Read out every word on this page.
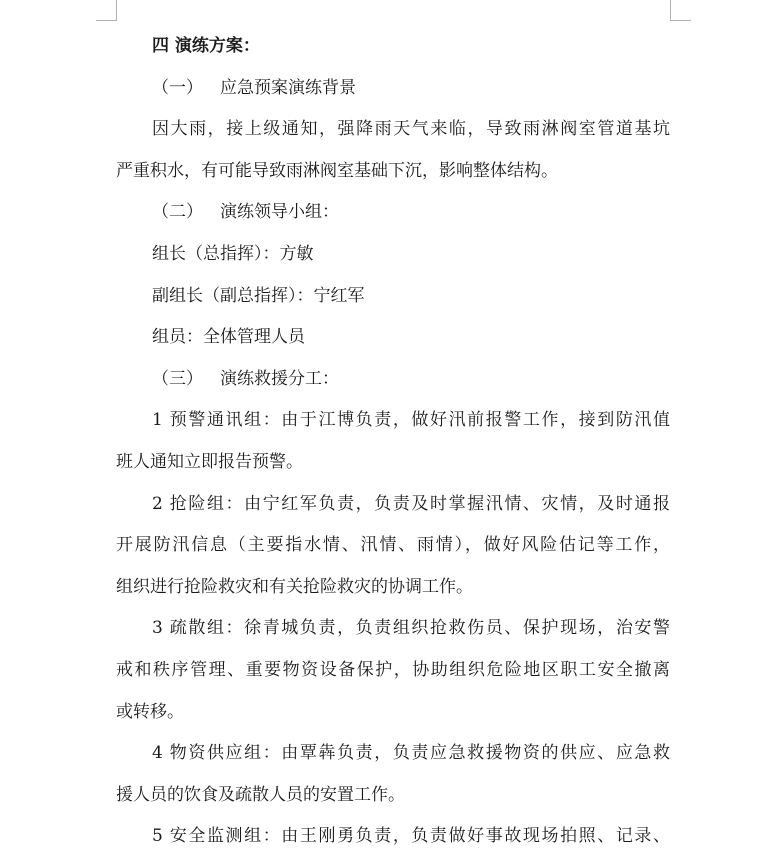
四 演练方案：
（一） 应急预案演练背景
因大雨，接上级通知，强降雨天气来临，导致雨淋阀室管道基坑
严重积水，有可能导致雨淋阀室基础下沉，影响整体结构。
（二） 演练领导小组：
组长（总指挥）：方敏
副组长（副总指挥）：宁红军
组员：全体管理人员
（三） 演练救援分工：
1 预警通讯组：由于江博负责，做好汛前报警工作，接到防汛值
班人通知立即报告预警。
2 抢险组：由宁红军负责，负责及时掌握汛情、灾情，及时通报
开展防汛信息（主要指水情、汛情、雨情），做好风险估记等工作，
组织进行抢险救灾和有关抢险救灾的协调工作。
3 疏散组：徐青城负责，负责组织抢救伤员、保护现场，治安警
戒和秩序管理、重要物资设备保护，协助组织危险地区职工安全撤离
或转移。
4 物资供应组：由覃犇负责，负责应急救援物资的供应、应急救
援人员的饮食及疏散人员的安置工作。
5 安全监测组：由王刚勇负责，负责做好事故现场拍照、记录、
